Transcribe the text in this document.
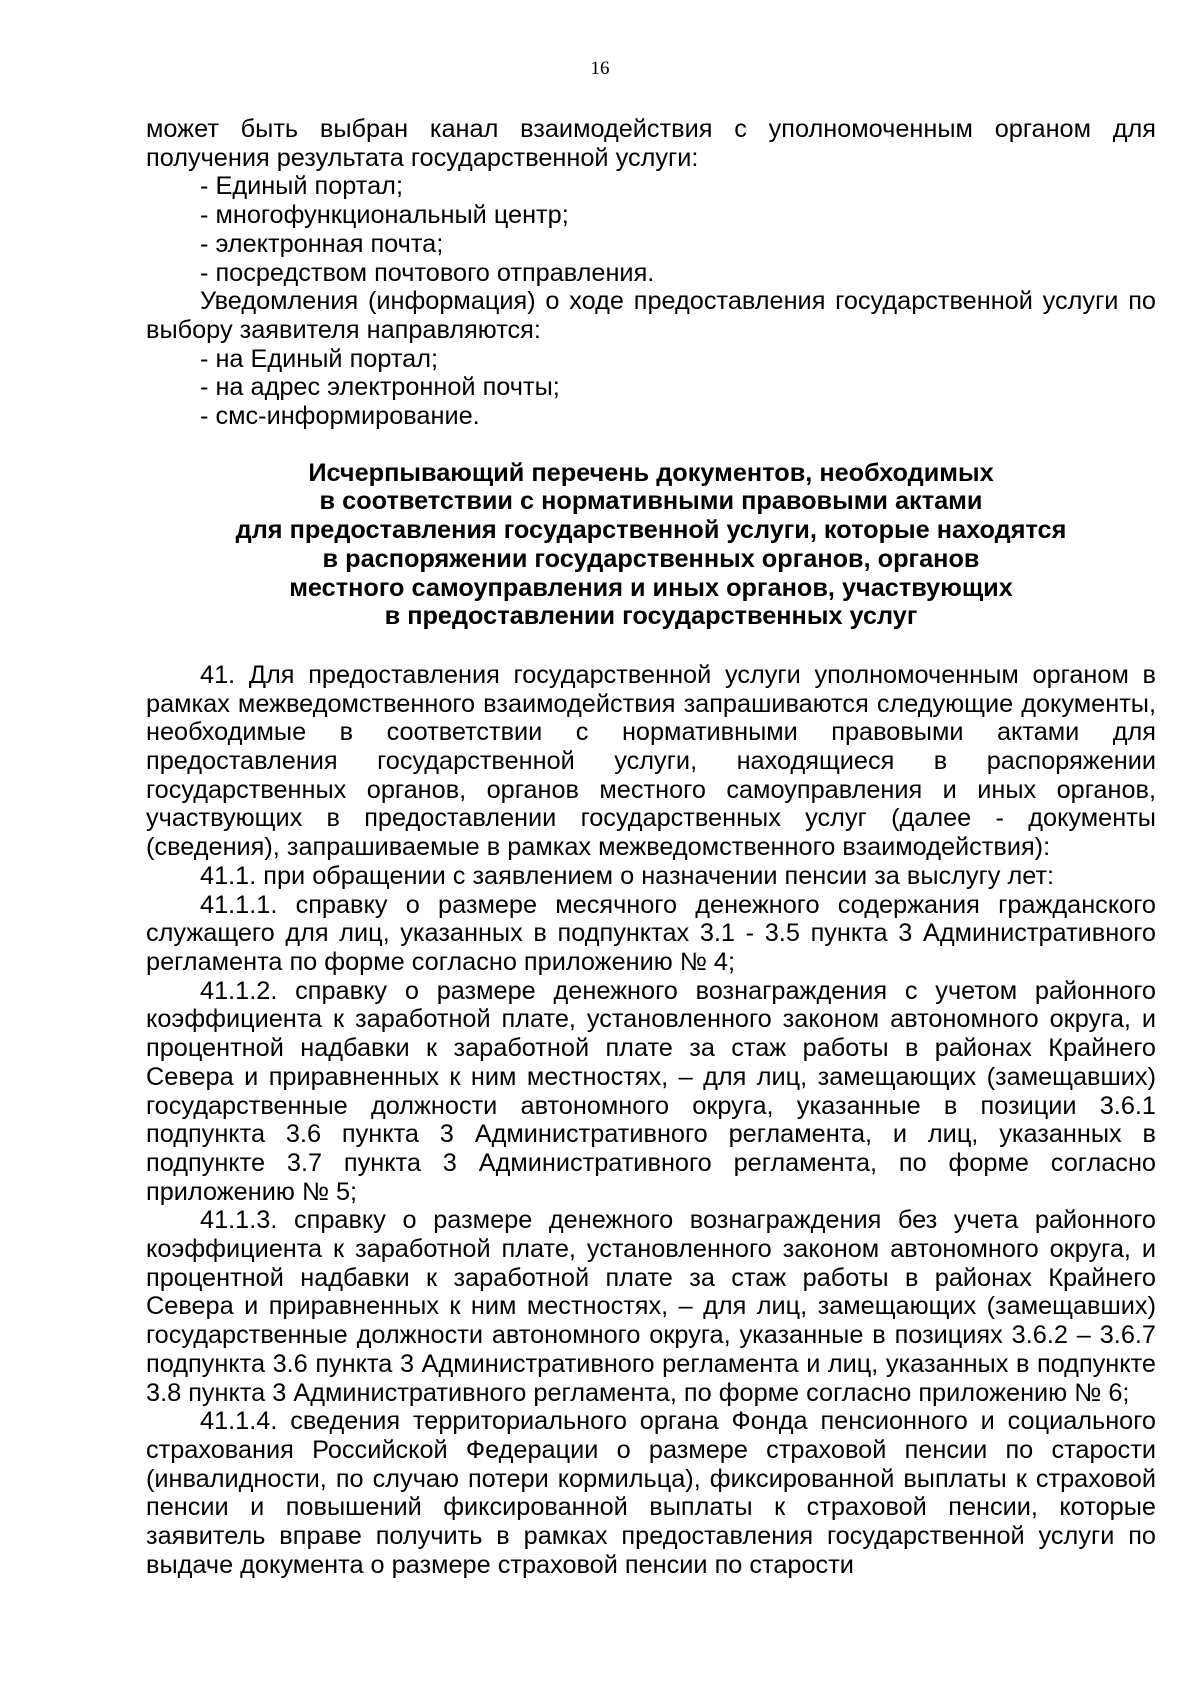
16

может быть выбран канал взаимодействия с уполномоченным органом для получения результата государственной услуги:

- Единый портал;

- многофункциональный центр;

- электронная почта;

- посредством почтового отправления.

Уведомления (информация) о ходе предоставления государственной услуги по выбору заявителя направляются:

- на Единый портал;

- на адрес электронной почты;

- смс-информирование.

Исчерпывающий перечень документов, необходимых
в соответствии с нормативными правовыми актами
для предоставления государственной услуги, которые находятся
в распоряжении государственных органов, органов
местного самоуправления и иных органов, участвующих
в предоставлении государственных услуг

41. Для предоставления государственной услуги уполномоченным органом в рамках межведомственного взаимодействия запрашиваются следующие документы, необходимые в соответствии с нормативными правовыми актами для предоставления государственной услуги, находящиеся в распоряжении государственных органов, органов местного самоуправления и иных органов, участвующих в предоставлении государственных услуг (далее - документы (сведения), запрашиваемые в рамках межведомственного взаимодействия):

41.1. при обращении с заявлением о назначении пенсии за выслугу лет:

41.1.1. справку о размере месячного денежного содержания гражданского служащего для лиц, указанных в подпунктах 3.1 - 3.5 пункта 3 Административного регламента по форме согласно приложению № 4;

41.1.2. справку о размере денежного вознаграждения с учетом районного коэффициента к заработной плате, установленного законом автономного округа, и процентной надбавки к заработной плате за стаж работы в районах Крайнего Севера и приравненных к ним местностях, – для лиц, замещающих (замещавших) государственные должности автономного округа, указанные в позиции 3.6.1 подпункта 3.6 пункта 3 Административного регламента, и лиц, указанных в подпункте 3.7 пункта 3 Административного регламента, по форме согласно приложению № 5;

41.1.3. справку о размере денежного вознаграждения без учета районного коэффициента к заработной плате, установленного законом автономного округа, и процентной надбавки к заработной плате за стаж работы в районах Крайнего Севера и приравненных к ним местностях, – для лиц, замещающих (замещавших) государственные должности автономного округа, указанные в позициях 3.6.2 – 3.6.7 подпункта 3.6 пункта 3 Административного регламента и лиц, указанных в подпункте 3.8 пункта 3 Административного регламента, по форме согласно приложению № 6;

41.1.4. сведения территориального органа Фонда пенсионного и социального страхования Российской Федерации о размере страховой пенсии по старости (инвалидности, по случаю потери кормильца), фиксированной выплаты к страховой пенсии и повышений фиксированной выплаты к страховой пенсии, которые заявитель вправе получить в рамках предоставления государственной услуги по выдаче документа о размере страховой пенсии по старости
